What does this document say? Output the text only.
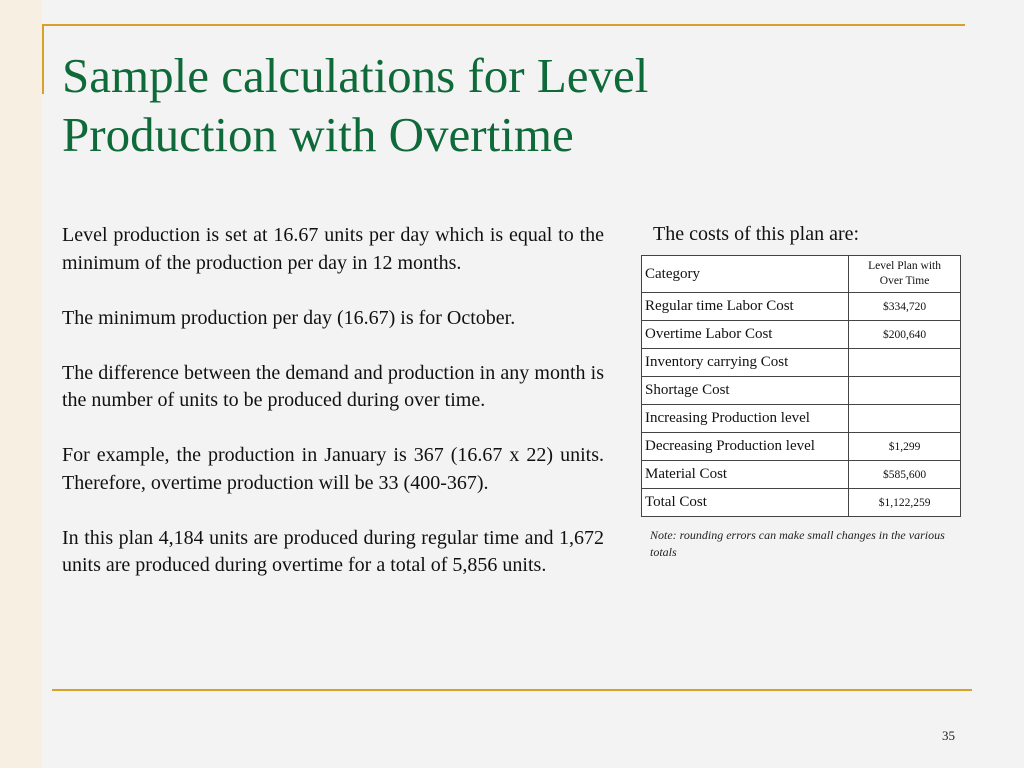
Sample calculations for Level
Production with Overtime

Level production is set at 16.67 units per day which is equal to the minimum of the production per day in 12 months.

The minimum production per day (16.67) is for October.

The difference between the demand and production in any month is the number of units to be produced during over time.

For example, the production in January is 367 (16.67 x 22) units. Therefore, overtime production will be 33 (400-367).

In this plan 4,184 units are produced during regular time and 1,672 units are produced during overtime for a total of 5,856 units.

The costs of this plan are:
Category	Level Plan with
Over Time
Regular time Labor Cost	$334,720
Overtime Labor Cost	$200,640
Inventory carrying Cost	
Shortage Cost	
Increasing Production level	
Decreasing Production level	$1,299
Material Cost	$585,600
Total Cost	$1,122,259
Note: rounding errors can make small changes in the various totals
35
